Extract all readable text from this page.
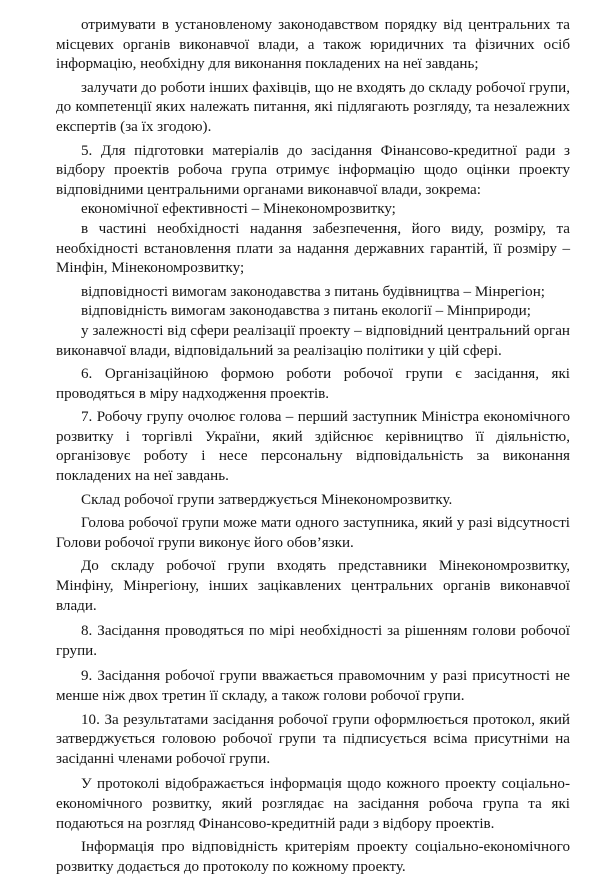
отримувати в установленому законодавством порядку від центральних та місцевих органів виконавчої влади, а також юридичних та фізичних осіб інформацію, необхідну для виконання покладених на неї завдань;

залучати до роботи інших фахівців, що не входять до складу робочої групи, до компетенції яких належать питання, які підлягають розгляду, та незалежних експертів (за їх згодою).

5. Для підготовки матеріалів до засідання Фінансово-кредитної ради з відбору проектів робоча група отримує інформацію щодо оцінки проекту відповідними центральними органами виконавчої влади, зокрема:

економічної ефективності – Мінекономрозвитку;

в частині необхідності надання забезпечення, його виду, розміру, та необхідності встановлення плати за надання державних гарантій, її розміру – Мінфін, Мінекономрозвитку;

відповідності вимогам законодавства з питань будівництва – Мінрегіон;

відповідність вимогам законодавства з питань екології – Мінприроди;

у залежності від сфери реалізації проекту – відповідний центральний орган виконавчої влади, відповідальний за реалізацію політики у цій сфері.

6. Організаційною формою роботи робочої групи є засідання, які проводяться в міру надходження проектів.

7. Робочу групу очолює голова – перший заступник Міністра економічного розвитку і торгівлі України, який здійснює керівництво її діяльністю, організовує роботу і несе персональну відповідальність за виконання покладених на неї завдань.

Склад робочої групи затверджується Мінекономрозвитку.

Голова робочої групи може мати одного заступника, який у разі відсутності Голови робочої групи виконує його обов’язки.

До складу робочої групи входять представники Мінекономрозвитку, Мінфіну, Мінрегіону, інших зацікавлених центральних органів виконавчої влади.

8. Засідання проводяться по мірі необхідності за рішенням голови робочої групи.

9. Засідання робочої групи вважається правомочним у разі присутності не менше ніж двох третин її складу, а також голови робочої групи.

10. За результатами засідання робочої групи оформлюється протокол, який затверджується головою робочої групи та підписується всіма присутніми на засіданні членами робочої групи.

У протоколі відображається інформація щодо кожного проекту соціально-економічного розвитку, який розглядає на засідання робоча група та які подаються на розгляд Фінансово-кредитній ради з відбору проектів.

Інформація про відповідність критеріям проекту соціально-економічного розвитку додається до протоколу по кожному проекту.
